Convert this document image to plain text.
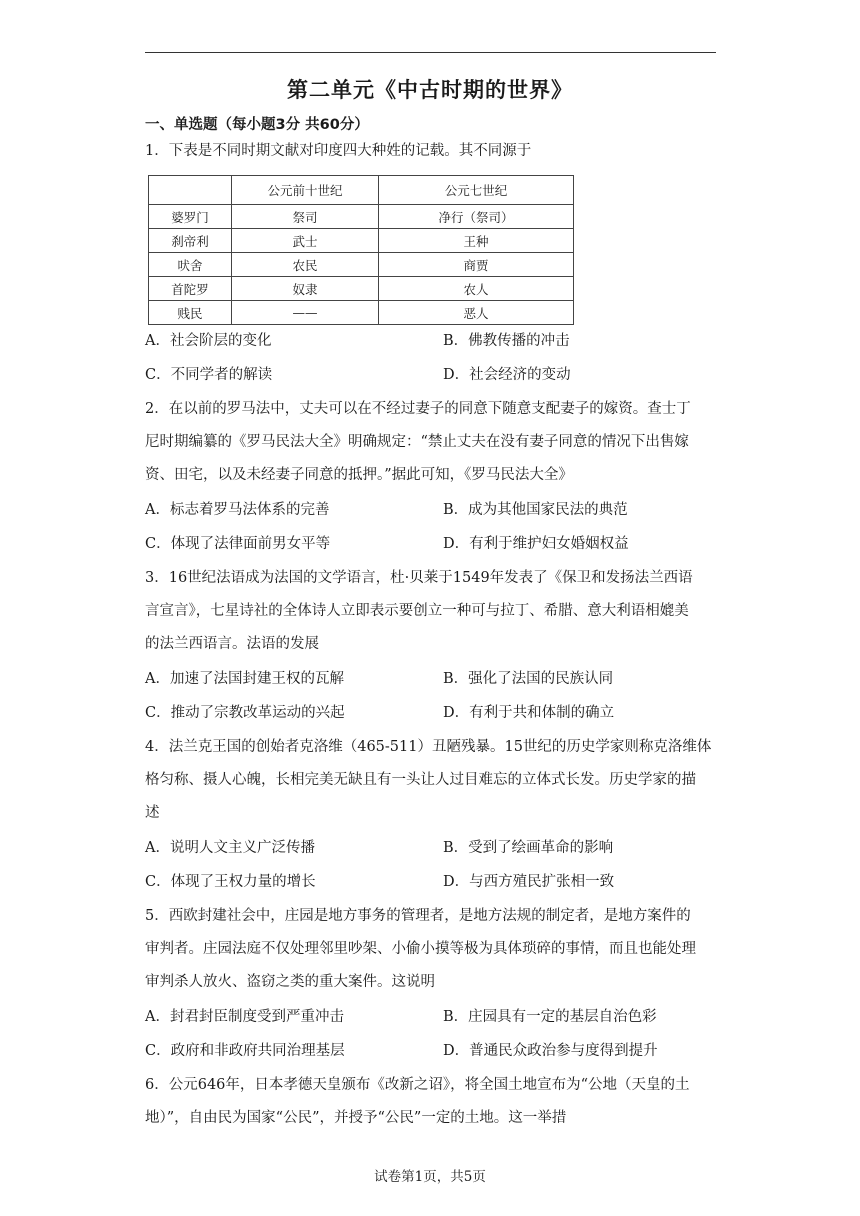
第二单元《中古时期的世界》
一、单选题（每小题3分 共60分）
1．下表是不同时期文献对印度四大种姓的记载。其不同源于
	公元前十世纪	公元七世纪
婆罗门	祭司	净行（祭司）
刹帝利	武士	王种
吠舍	农民	商贾
首陀罗	奴隶	农人
贱民	——	恶人
A．社会阶层的变化	B．佛教传播的冲击
C．不同学者的解读	D．社会经济的变动
2．在以前的罗马法中，丈夫可以在不经过妻子的同意下随意支配妻子的嫁资。查士丁
尼时期编纂的《罗马民法大全》明确规定：“禁止丈夫在没有妻子同意的情况下出售嫁
资、田宅，以及未经妻子同意的抵押。”据此可知，《罗马民法大全》
A．标志着罗马法体系的完善	B．成为其他国家民法的典范
C．体现了法律面前男女平等	D．有利于维护妇女婚姻权益
3．16世纪法语成为法国的文学语言，杜·贝莱于1549年发表了《保卫和发扬法兰西语
言宣言》，七星诗社的全体诗人立即表示要创立一种可与拉丁、希腊、意大利语相媲美
的法兰西语言。法语的发展
A．加速了法国封建王权的瓦解	B．强化了法国的民族认同
C．推动了宗教改革运动的兴起	D．有利于共和体制的确立
4．法兰克王国的创始者克洛维（465-511）丑陋残暴。15世纪的历史学家则称克洛维体
格匀称、摄人心魄，长相完美无缺且有一头让人过目难忘的立体式长发。历史学家的描
述
A．说明人文主义广泛传播	B．受到了绘画革命的影响
C．体现了王权力量的增长	D．与西方殖民扩张相一致
5．西欧封建社会中，庄园是地方事务的管理者，是地方法规的制定者，是地方案件的
审判者。庄园法庭不仅处理邻里吵架、小偷小摸等极为具体琐碎的事情，而且也能处理
审判杀人放火、盗窃之类的重大案件。这说明
A．封君封臣制度受到严重冲击	B．庄园具有一定的基层自治色彩
C．政府和非政府共同治理基层	D．普通民众政治参与度得到提升
6．公元646年，日本孝德天皇颁布《改新之诏》，将全国土地宣布为“公地（天皇的土
地）”，自由民为国家“公民”，并授予“公民”一定的土地。这一举措
试卷第1页，共5页
